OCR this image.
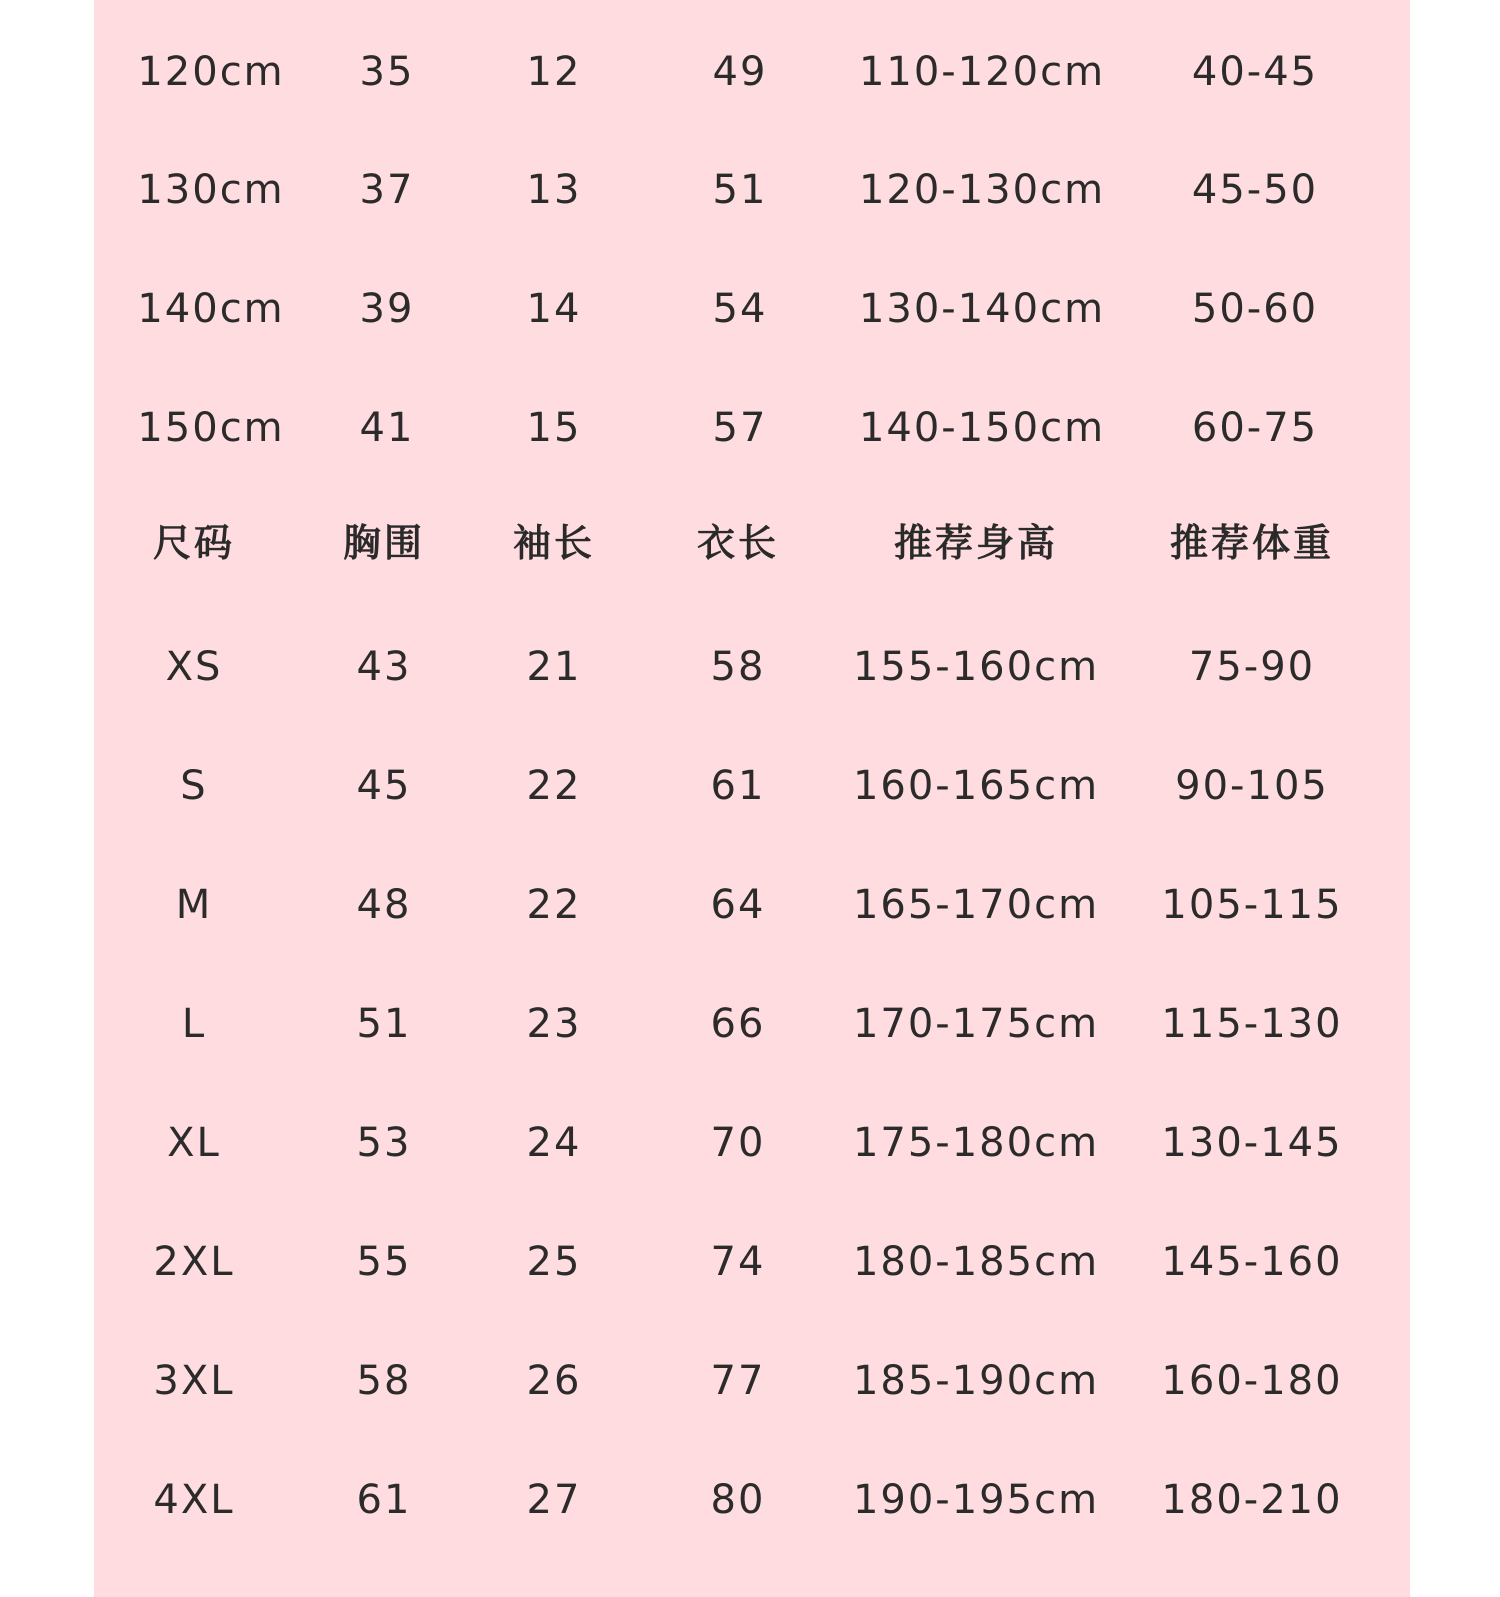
120cm	35	12	49	110-120cm	40-45
130cm	37	13	51	120-130cm	45-50
140cm	39	14	54	130-140cm	50-60
150cm	41	15	57	140-150cm	60-75
尺码	胸围	袖长	衣长	推荐身高	推荐体重
XS	43	21	58	155-160cm	75-90
S	45	22	61	160-165cm	90-105
M	48	22	64	165-170cm	105-115
L	51	23	66	170-175cm	115-130
XL	53	24	70	175-180cm	130-145
2XL	55	25	74	180-185cm	145-160
3XL	58	26	77	185-190cm	160-180
4XL	61	27	80	190-195cm	180-210
